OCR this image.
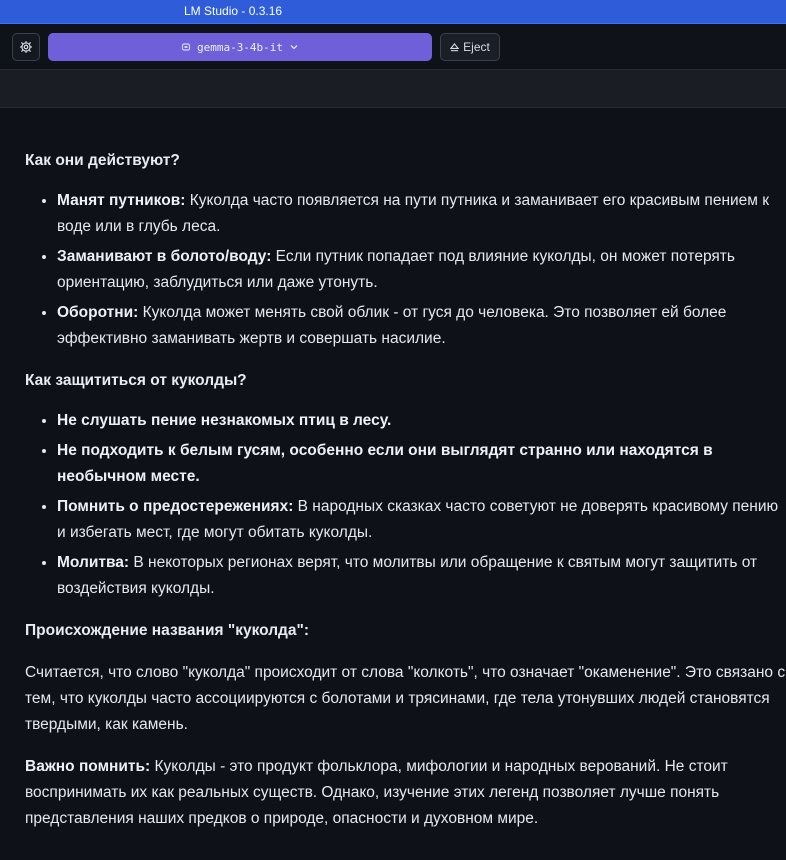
LM Studio - 0.3.16
gemma-3-4b-it	Eject
Как они действуют?
• Манят путников: Куколда часто появляется на пути путника и заманивает его красивым пением к воде или в глубь леса.
• Заманивают в болото/воду: Если путник попадает под влияние куколды, он может потерять ориентацию, заблудиться или даже утонуть.
• Оборотни: Куколда может менять свой облик - от гуся до человека. Это позволяет ей более эффективно заманивать жертв и совершать насилие.
Как защититься от куколды?
• Не слушать пение незнакомых птиц в лесу.
• Не подходить к белым гусям, особенно если они выглядят странно или находятся в необычном месте.
• Помнить о предостережениях: В народных сказках часто советуют не доверять красивому пению и избегать мест, где могут обитать куколды.
• Молитва: В некоторых регионах верят, что молитвы или обращение к святым могут защитить от воздействия куколды.
Происхождение названия "куколда":

Считается, что слово "куколда" происходит от слова "колкоть", что означает "окаменение". Это связано с тем, что куколды часто ассоциируются с болотами и трясинами, где тела утонувших людей становятся твердыми, как камень.

Важно помнить: Куколды - это продукт фольклора, мифологии и народных верований. Не стоит воспринимать их как реальных существ. Однако, изучение этих легенд позволяет лучше понять представления наших предков о природе, опасности и духовном мире.
